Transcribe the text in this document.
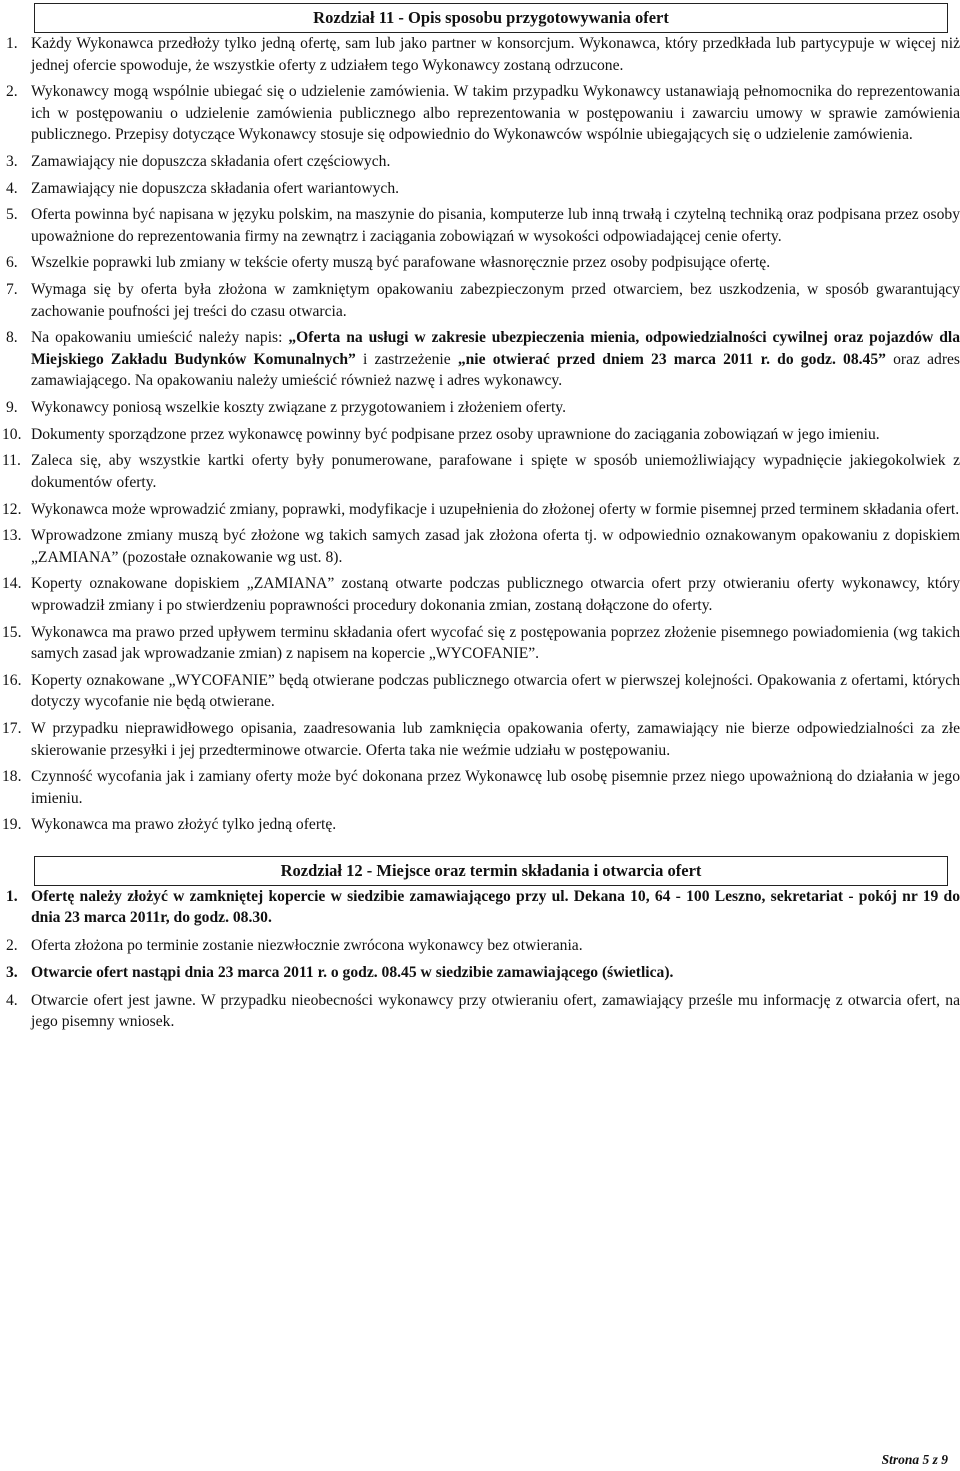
Rozdział 11 - Opis sposobu przygotowywania ofert
1. Każdy Wykonawca przedłoży tylko jedną ofertę, sam lub jako partner w konsorcjum. Wykonawca, który przedkłada lub partycypuje w więcej niż jednej ofercie spowoduje, że wszystkie oferty z udziałem tego Wykonawcy zostaną odrzucone.
2. Wykonawcy mogą wspólnie ubiegać się o udzielenie zamówienia. W takim przypadku Wykonawcy ustanawiają pełnomocnika do reprezentowania ich w postępowaniu o udzielenie zamówienia publicznego albo reprezentowania w postępowaniu i zawarciu umowy w sprawie zamówienia publicznego. Przepisy dotyczące Wykonawcy stosuje się odpowiednio do Wykonawców wspólnie ubiegających się o udzielenie zamówienia.
3. Zamawiający nie dopuszcza składania ofert częściowych.
4. Zamawiający nie dopuszcza składania ofert wariantowych.
5. Oferta powinna być napisana w języku polskim, na maszynie do pisania, komputerze lub inną trwałą i czytelną techniką oraz podpisana przez osoby upoważnione do reprezentowania firmy na zewnątrz i zaciągania zobowiązań w wysokości odpowiadającej cenie oferty.
6. Wszelkie poprawki lub zmiany w tekście oferty muszą być parafowane własnoręcznie przez osoby podpisujące ofertę.
7. Wymaga się by oferta była złożona w zamkniętym opakowaniu zabezpieczonym przed otwarciem, bez uszkodzenia, w sposób gwarantujący zachowanie poufności jej treści do czasu otwarcia.
8. Na opakowaniu umieścić należy napis: „Oferta na usługi w zakresie ubezpieczenia mienia, odpowiedzialności cywilnej oraz pojazdów dla Miejskiego Zakładu Budynków Komunalnych” i zastrzeżenie „nie otwierać przed dniem 23 marca 2011 r. do godz. 08.45” oraz adres zamawiającego. Na opakowaniu należy umieścić również nazwę i adres wykonawcy.
9. Wykonawcy poniosą wszelkie koszty związane z przygotowaniem i złożeniem oferty.
10. Dokumenty sporządzone przez wykonawcę powinny być podpisane przez osoby uprawnione do zaciągania zobowiązań w jego imieniu.
11. Zaleca się, aby wszystkie kartki oferty były ponumerowane, parafowane i spięte w sposób uniemożliwiający wypadnięcie jakiegokolwiek z dokumentów oferty.
12. Wykonawca może wprowadzić zmiany, poprawki, modyfikacje i uzupełnienia do złożonej oferty w formie pisemnej przed terminem składania ofert.
13. Wprowadzone zmiany muszą być złożone wg takich samych zasad jak złożona oferta tj. w odpowiednio oznakowanym opakowaniu z dopiskiem „ZAMIANA” (pozostałe oznakowanie wg ust. 8).
14. Koperty oznakowane dopiskiem „ZAMIANA” zostaną otwarte podczas publicznego otwarcia ofert przy otwieraniu oferty wykonawcy, który wprowadził zmiany i po stwierdzeniu poprawności procedury dokonania zmian, zostaną dołączone do oferty.
15. Wykonawca ma prawo przed upływem terminu składania ofert wycofać się z postępowania poprzez złożenie pisemnego powiadomienia (wg takich samych zasad jak wprowadzanie zmian) z napisem na kopercie „WYCOFANIE”.
16. Koperty oznakowane „WYCOFANIE” będą otwierane podczas publicznego otwarcia ofert w pierwszej kolejności. Opakowania z ofertami, których dotyczy wycofanie nie będą otwierane.
17. W przypadku nieprawidłowego opisania, zaadresowania lub zamknięcia opakowania oferty, zamawiający nie bierze odpowiedzialności za złe skierowanie przesyłki i jej przedterminowe otwarcie. Oferta taka nie weźmie udziału w postępowaniu.
18. Czynność wycofania jak i zamiany oferty może być dokonana przez Wykonawcę lub osobę pisemnie przez niego upoważnioną do działania w jego imieniu.
19. Wykonawca ma prawo złożyć tylko jedną ofertę.
Rozdział 12 - Miejsce oraz termin składania i otwarcia ofert
1. Ofertę należy złożyć w zamkniętej kopercie w siedzibie zamawiającego przy ul. Dekana 10, 64 - 100 Leszno, sekretariat - pokój nr 19 do dnia 23 marca 2011r, do godz. 08.30.
2. Oferta złożona po terminie zostanie niezwłocznie zwrócona wykonawcy bez otwierania.
3. Otwarcie ofert nastąpi dnia 23 marca 2011 r. o godz. 08.45 w siedzibie zamawiającego (świetlica).
4. Otwarcie ofert jest jawne. W przypadku nieobecności wykonawcy przy otwieraniu ofert, zamawiający prześle mu informację z otwarcia ofert, na jego pisemny wniosek.
Strona 5 z 9
